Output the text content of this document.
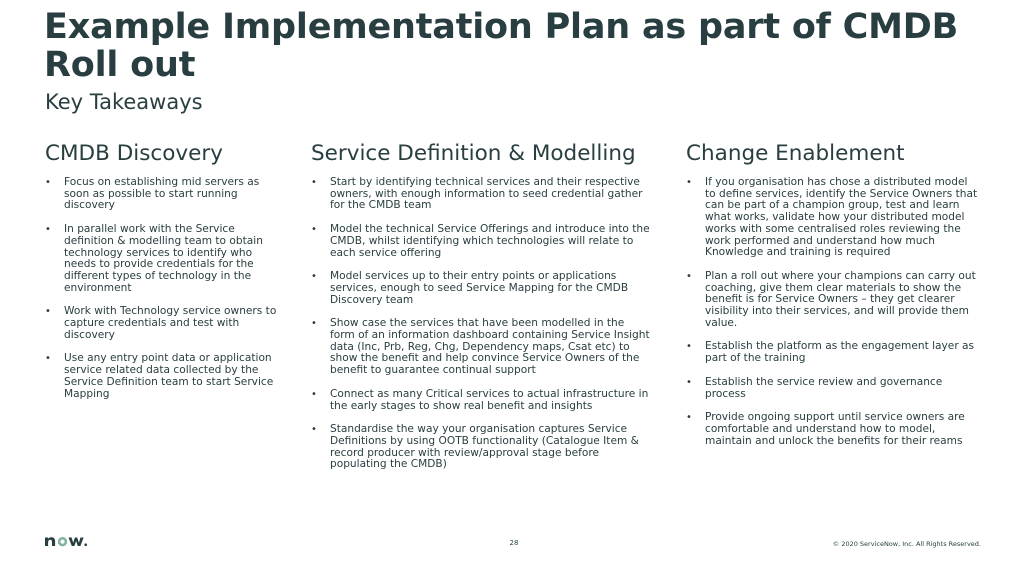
Example Implementation Plan as part of CMDB Roll out
Key Takeaways
CMDB Discovery
• Focus on establishing mid servers as soon as possible to start running discovery
• In parallel work with the Service definition & modelling team to obtain technology services to identify who needs to provide credentials for the different types of technology in the environment
• Work with Technology service owners to capture credentials and test with discovery
• Use any entry point data or application service related data collected by the Service Definition team to start Service Mapping
Service Definition & Modelling
• Start by identifying technical services and their respective owners, with enough information to seed credential gather for the CMDB team
• Model the technical Service Offerings and introduce into the CMDB, whilst identifying which technologies will relate to each service offering
• Model services up to their entry points or applications services, enough to seed Service Mapping for the CMDB Discovery team
• Show case the services that have been modelled in the form of an information dashboard containing Service Insight data (Inc, Prb, Reg, Chg, Dependency maps, Csat etc) to show the benefit and help convince Service Owners of the benefit to guarantee continual support
• Connect as many Critical services to actual infrastructure in the early stages to show real benefit and insights
• Standardise the way your organisation captures Service Definitions by using OOTB functionality (Catalogue Item & record producer with review/approval stage before populating the CMDB)
Change Enablement
• If you organisation has chose a distributed model to define services, identify the Service Owners that can be part of a champion group, test and learn what works, validate how your distributed model works with some centralised roles reviewing the work performed and understand how much Knowledge and training is required
• Plan a roll out where your champions can carry out coaching, give them clear materials to show the benefit is for Service Owners – they get clearer visibility into their services, and will provide them value.
• Establish the platform as the engagement layer as part of the training
• Establish the service review and governance process
• Provide ongoing support until service owners are comfortable and understand how to model, maintain and unlock the benefits for their reams
28	© 2020 ServiceNow, Inc. All Rights Reserved.
